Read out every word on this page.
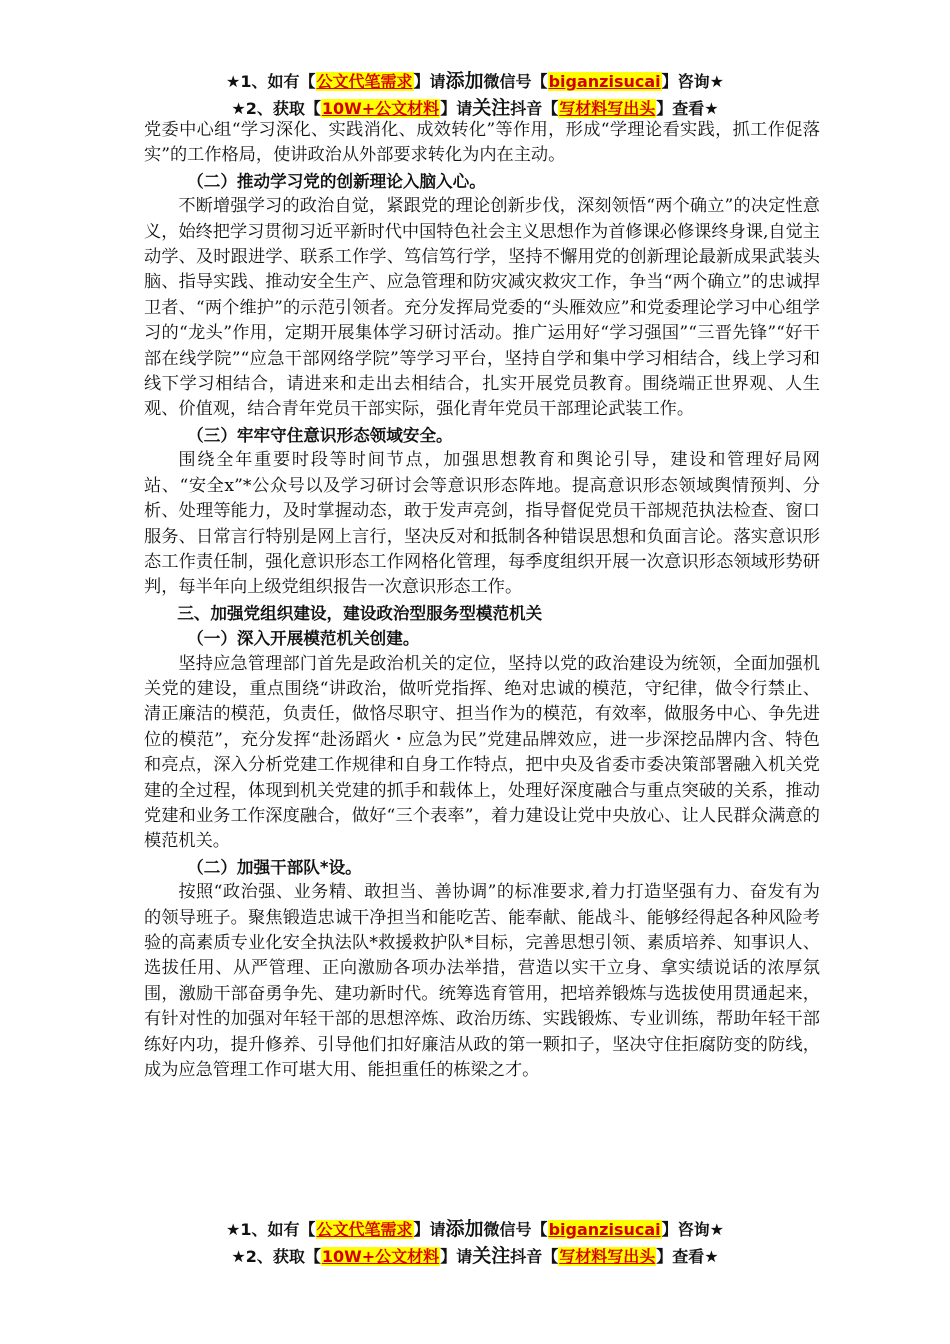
★1、如有【公文代笔需求】请添加微信号【biganzisucai】咨询★
★2、获取【10W+公文材料】请关注抖音【写材料写出头】查看★

党委中心组“学习深化、实践消化、成效转化”等作用，形成“学理论看实践，抓工作促落实”的工作格局，使讲政治从外部要求转化为内在主动。

（二）推动学习党的创新理论入脑入心。

不断增强学习的政治自觉，紧跟党的理论创新步伐，深刻领悟“两个确立”的决定性意义，始终把学习贯彻习近平新时代中国特色社会主义思想作为首修课必修课终身课,自觉主动学、及时跟进学、联系工作学、笃信笃行学，坚持不懈用党的创新理论最新成果武装头脑、指导实践、推动安全生产、应急管理和防灾减灾救灾工作，争当“两个确立”的忠诚捍卫者、“两个维护”的示范引领者。充分发挥局党委的“头雁效应”和党委理论学习中心组学习的“龙头”作用，定期开展集体学习研讨活动。推广运用好“学习强国”“三晋先锋”“好干部在线学院”“应急干部网络学院”等学习平台，坚持自学和集中学习相结合，线上学习和线下学习相结合，请进来和走出去相结合，扎实开展党员教育。围绕端正世界观、人生观、价值观，结合青年党员干部实际，强化青年党员干部理论武装工作。

（三）牢牢守住意识形态领域安全。

围绕全年重要时段等时间节点，加强思想教育和舆论引导，建设和管理好局网站、“安全x”*公众号以及学习研讨会等意识形态阵地。提高意识形态领域舆情预判、分析、处理等能力，及时掌握动态，敢于发声亮剑，指导督促党员干部规范执法检查、窗口服务、日常言行特别是网上言行，坚决反对和抵制各种错误思想和负面言论。落实意识形态工作责任制，强化意识形态工作网格化管理，每季度组织开展一次意识形态领域形势研判，每半年向上级党组织报告一次意识形态工作。

三、加强党组织建设，建设政治型服务型模范机关

（一）深入开展模范机关创建。

坚持应急管理部门首先是政治机关的定位，坚持以党的政治建设为统领，全面加强机关党的建设，重点围绕“讲政治，做听党指挥、绝对忠诚的模范，守纪律，做令行禁止、清正廉洁的模范，负责任，做恪尽职守、担当作为的模范，有效率，做服务中心、争先进位的模范”，充分发挥“赴汤蹈火・应急为民”党建品牌效应，进一步深挖品牌内含、特色和亮点，深入分析党建工作规律和自身工作特点，把中央及省委市委决策部署融入机关党建的全过程，体现到机关党建的抓手和载体上，处理好深度融合与重点突破的关系，推动党建和业务工作深度融合，做好“三个表率”，着力建设让党中央放心、让人民群众满意的模范机关。

（二）加强干部队*设。

按照“政治强、业务精、敢担当、善协调”的标准要求,着力打造坚强有力、奋发有为的领导班子。聚焦锻造忠诚干净担当和能吃苦、能奉献、能战斗、能够经得起各种风险考验的高素质专业化安全执法队*救援救护队*目标，完善思想引领、素质培养、知事识人、选拔任用、从严管理、正向激励各项办法举措，营造以实干立身、拿实绩说话的浓厚氛围，激励干部奋勇争先、建功新时代。统筹选育管用，把培养锻炼与选拔使用贯通起来，有针对性的加强对年轻干部的思想淬炼、政治历练、实践锻炼、专业训练，帮助年轻干部练好内功，提升修养、引导他们扣好廉洁从政的第一颗扣子，坚决守住拒腐防变的防线，成为应急管理工作可堪大用、能担重任的栋梁之才。

★1、如有【公文代笔需求】请添加微信号【biganzisucai】咨询★
★2、获取【10W+公文材料】请关注抖音【写材料写出头】查看★
